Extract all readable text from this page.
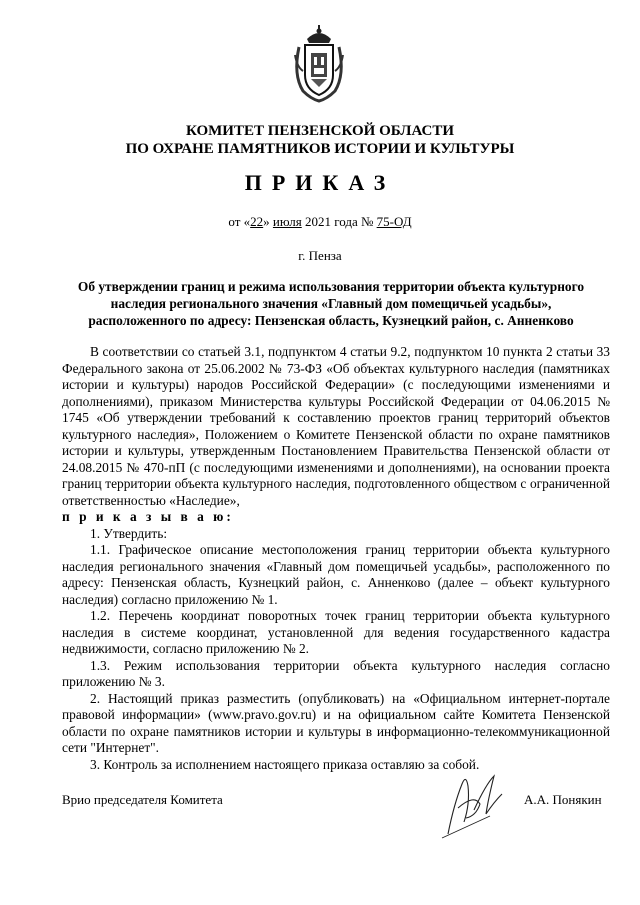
КОМИТЕТ ПЕНЗЕНСКОЙ ОБЛАСТИ
ПО ОХРАНЕ ПАМЯТНИКОВ ИСТОРИИ И КУЛЬТУРЫ
ПРИКАЗ
от «22» июля 2021 года № 75-ОД
г. Пенза
Об утверждении границ и режима использования территории объекта культурного наследия регионального значения «Главный дом помещичьей усадьбы», расположенного по адресу: Пензенская область, Кузнецкий район, с. Анненково

В соответствии со статьей 3.1, подпунктом 4 статьи 9.2, подпунктом 10 пункта 2 статьи 33 Федерального закона от 25.06.2002 № 73-ФЗ «Об объектах культурного наследия (памятниках истории и культуры) народов Российской Федерации» (с последующими изменениями и дополнениями), приказом Министерства культуры Российской Федерации от 04.06.2015 № 1745 «Об утверждении требований к составлению проектов границ территорий объектов культурного наследия», Положением о Комитете Пензенской области по охране памятников истории и культуры, утвержденным Постановлением Правительства Пензенской области от 24.08.2015 № 470-пП (с последующими изменениями и дополнениями), на основании проекта границ территории объекта культурного наследия, подготовленного обществом с ограниченной ответственностью «Наследие»,
п р и к а з ы в а ю:

1. Утвердить:

1.1. Графическое описание местоположения границ территории объекта культурного наследия регионального значения «Главный дом помещичьей усадьбы», расположенного по адресу: Пензенская область, Кузнецкий район, с. Анненково (далее – объект культурного наследия) согласно приложению № 1.

1.2. Перечень координат поворотных точек границ территории объекта культурного наследия в системе координат, установленной для ведения государственного кадастра недвижимости, согласно приложению № 2.

1.3. Режим использования территории объекта культурного наследия согласно приложению № 3.

2. Настоящий приказ разместить (опубликовать) на «Официальном интернет-портале правовой информации» (www.pravo.gov.ru) и на официальном сайте Комитета Пензенской области по охране памятников истории и культуры в информационно-телекоммуникационной сети "Интернет".

3. Контроль за исполнением настоящего приказа оставляю за собой.

Врио председателя Комитета	А.А. Понякин
